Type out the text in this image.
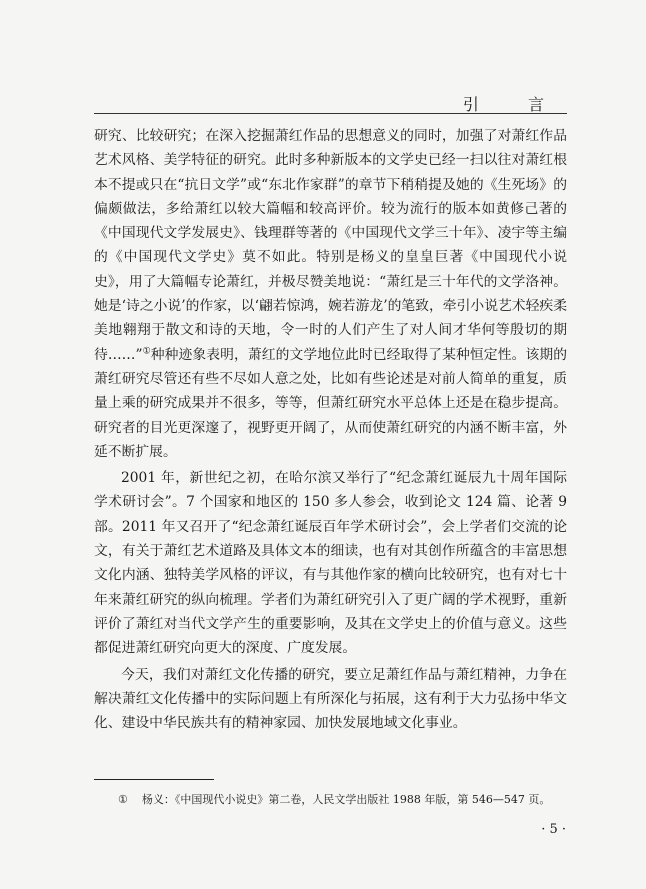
引 言

研究、比较研究；在深入挖掘萧红作品的思想意义的同时，加强了对萧红作品艺术风格、美学特征的研究。此时多种新版本的文学史已经一扫以往对萧红根本不提或只在“抗日文学”或“东北作家群”的章节下稍稍提及她的《生死场》的偏颇做法，多给萧红以较大篇幅和较高评价。较为流行的版本如黄修己著的《中国现代文学发展史》、钱理群等著的《中国现代文学三十年》、凌宇等主编的《中国现代文学史》莫不如此。特别是杨义的皇皇巨著《中国现代小说史》，用了大篇幅专论萧红，并极尽赞美地说：“萧红是三十年代的文学洛神。她是‘诗之小说’的作家，以‘翩若惊鸿，婉若游龙’的笔致，牵引小说艺术轻疾柔美地翱翔于散文和诗的天地，令一时的人们产生了对人间才华何等殷切的期待……”①种种迹象表明，萧红的文学地位此时已经取得了某种恒定性。该期的萧红研究尽管还有些不尽如人意之处，比如有些论述是对前人简单的重复，质量上乘的研究成果并不很多，等等，但萧红研究水平总体上还是在稳步提高。研究者的目光更深邃了，视野更开阔了，从而使萧红研究的内涵不断丰富，外延不断扩展。

2001 年，新世纪之初，在哈尔滨又举行了“纪念萧红诞辰九十周年国际学术研讨会”。7 个国家和地区的 150 多人参会，收到论文 124 篇、论著 9 部。2011 年又召开了“纪念萧红诞辰百年学术研讨会”，会上学者们交流的论文，有关于萧红艺术道路及具体文本的细读，也有对其创作所蕴含的丰富思想文化内涵、独特美学风格的评议，有与其他作家的横向比较研究，也有对七十年来萧红研究的纵向梳理。学者们为萧红研究引入了更广阔的学术视野，重新评价了萧红对当代文学产生的重要影响，及其在文学史上的价值与意义。这些都促进萧红研究向更大的深度、广度发展。

今天，我们对萧红文化传播的研究，要立足萧红作品与萧红精神，力争在解决萧红文化传播中的实际问题上有所深化与拓展，这有利于大力弘扬中华文化、建设中华民族共有的精神家园、加快发展地域文化事业。

① 杨义：《中国现代小说史》第二卷，人民文学出版社 1988 年版，第 546—547 页。
· 5 ·
